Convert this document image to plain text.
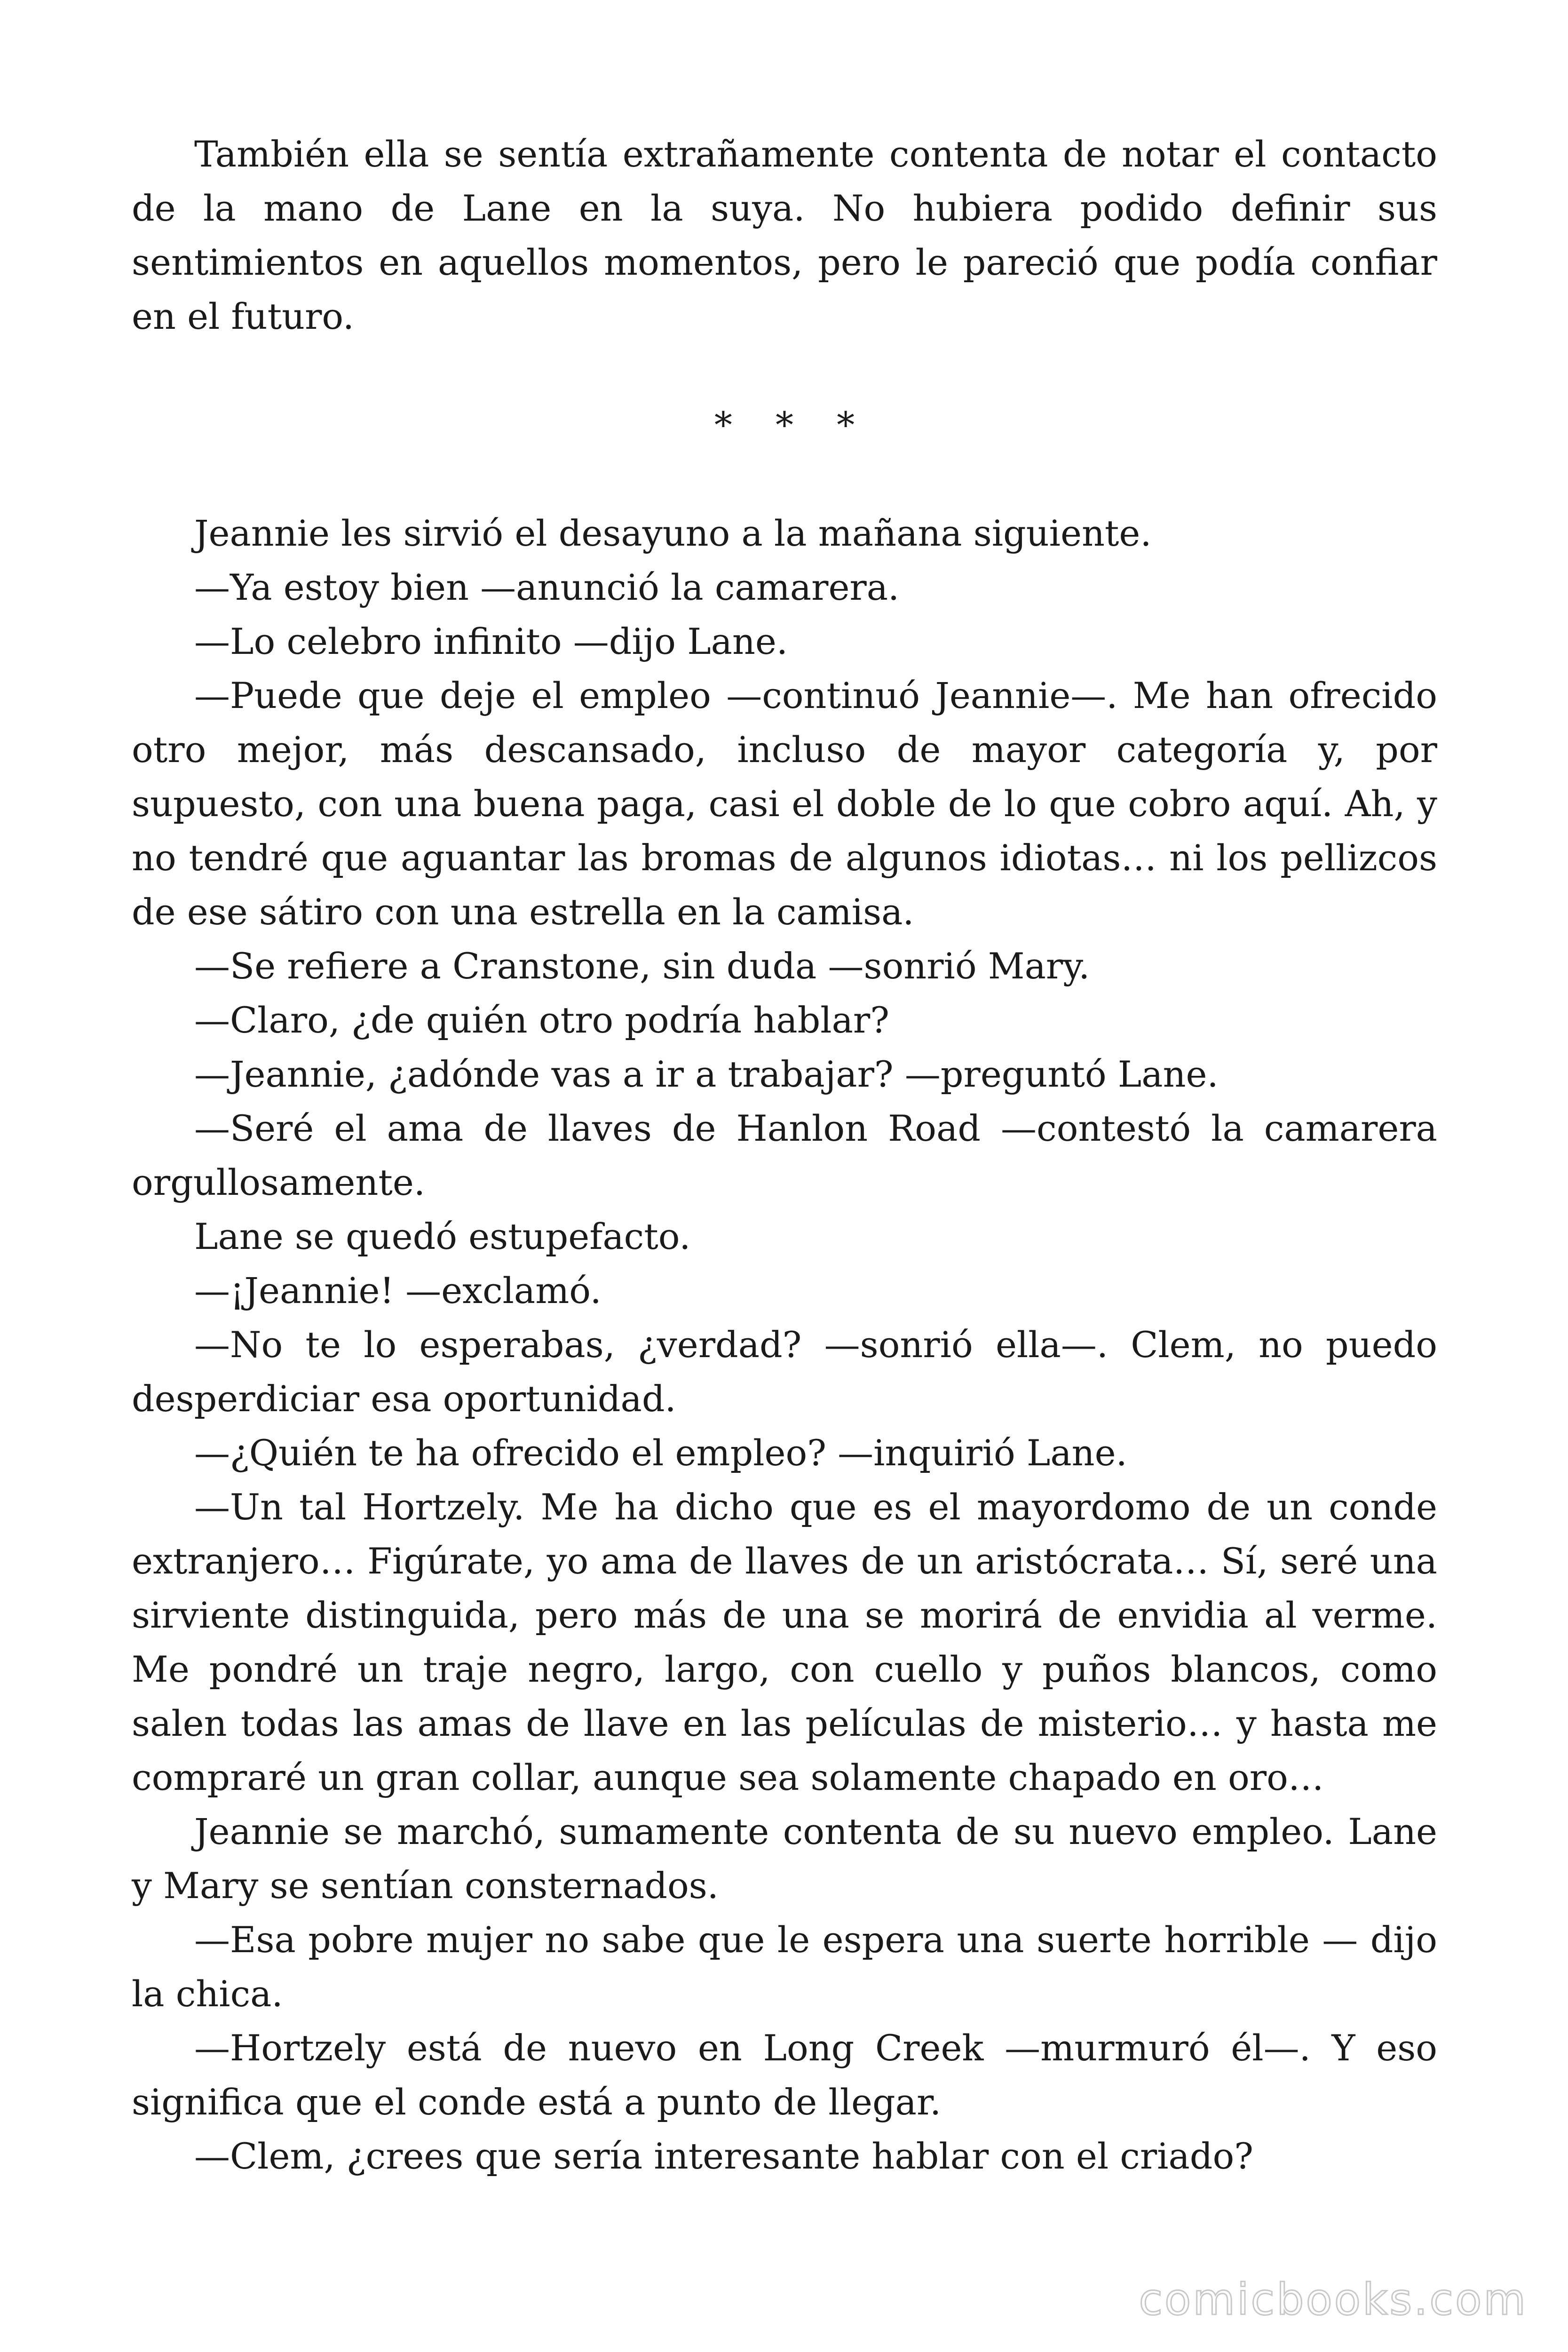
También ella se sentía extrañamente contenta de notar el contacto de la mano de Lane en la suya. No hubiera podido definir sus sentimientos en aquellos momentos, pero le pareció que podía confiar en el futuro.

* * *

Jeannie les sirvió el desayuno a la mañana siguiente.

—Ya estoy bien —anunció la camarera.

—Lo celebro infinito —dijo Lane.

—Puede que deje el empleo —continuó Jeannie—. Me han ofrecido otro mejor, más descansado, incluso de mayor categoría y, por supuesto, con una buena paga, casi el doble de lo que cobro aquí. Ah, y no tendré que aguantar las bromas de algunos idiotas… ni los pellizcos de ese sátiro con una estrella en la camisa.

—Se refiere a Cranstone, sin duda —sonrió Mary.

—Claro, ¿de quién otro podría hablar?

—Jeannie, ¿adónde vas a ir a trabajar? —preguntó Lane.

—Seré el ama de llaves de Hanlon Road —contestó la camarera orgullosamente.

Lane se quedó estupefacto.

—¡Jeannie! —exclamó.

—No te lo esperabas, ¿verdad? —sonrió ella—. Clem, no puedo desperdiciar esa oportunidad.

—¿Quién te ha ofrecido el empleo? —inquirió Lane.

—Un tal Hortzely. Me ha dicho que es el mayordomo de un conde extranjero… Figúrate, yo ama de llaves de un aristócrata… Sí, seré una sirviente distinguida, pero más de una se morirá de envidia al verme. Me pondré un traje negro, largo, con cuello y puños blancos, como salen todas las amas de llave en las películas de misterio… y hasta me compraré un gran collar, aunque sea solamente chapado en oro…

Jeannie se marchó, sumamente contenta de su nuevo empleo. Lane y Mary se sentían consternados.

—Esa pobre mujer no sabe que le espera una suerte horrible — dijo la chica.

—Hortzely está de nuevo en Long Creek —murmuró él—. Y eso significa que el conde está a punto de llegar.

—Clem, ¿crees que sería interesante hablar con el criado?

comicbooks.com
